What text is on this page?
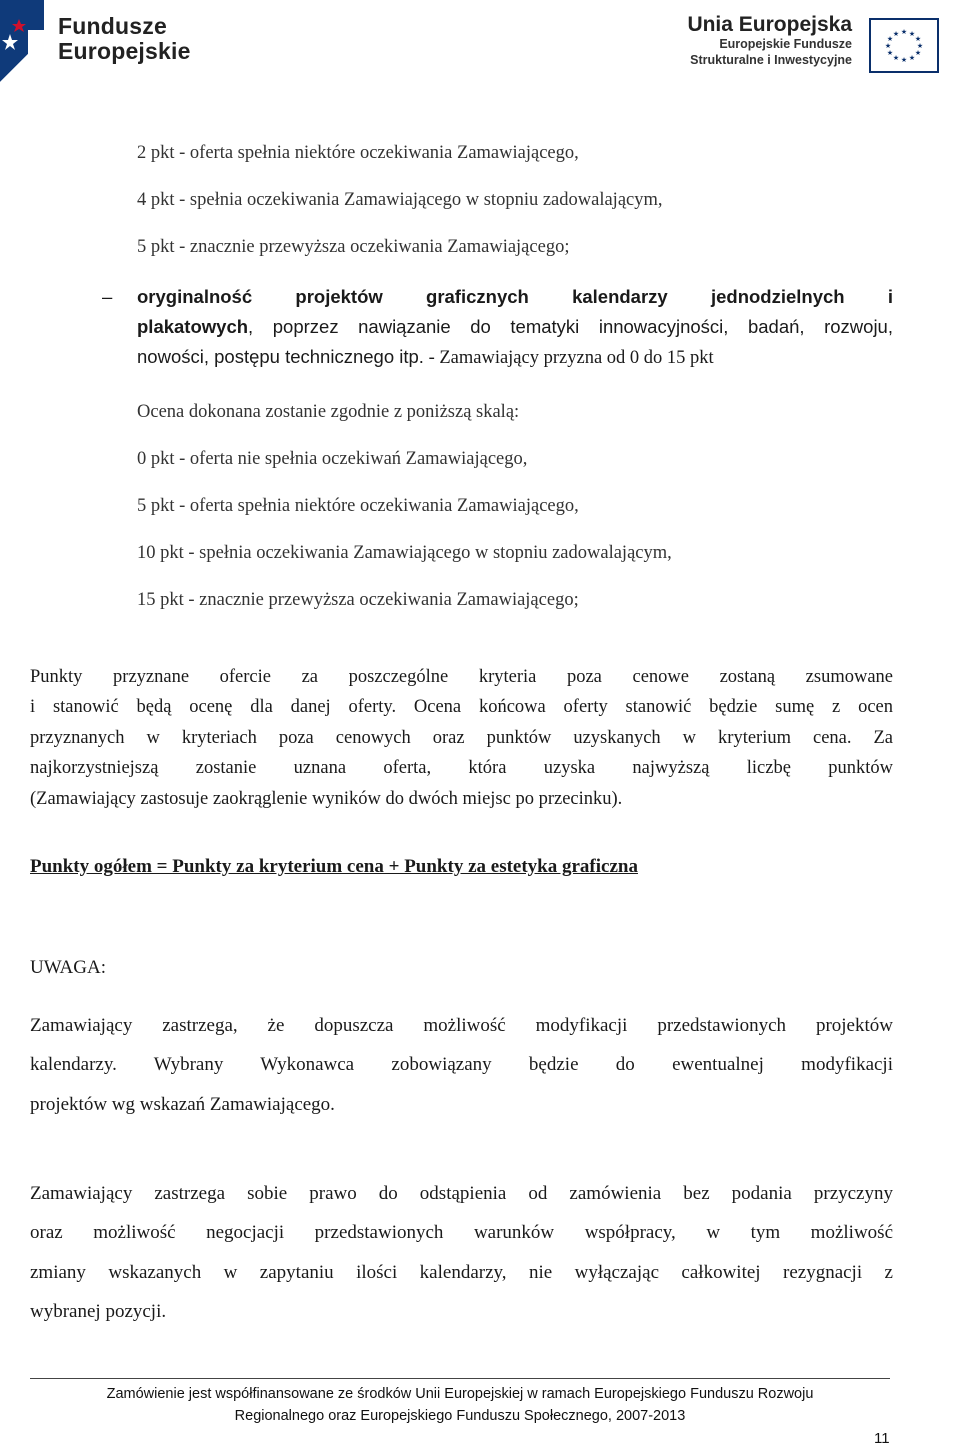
Fundusze
Europejskie
Unia Europejska
Europejskie Fundusze
Strukturalne i Inwestycyjne
★ ★
★
★
★
★
★
★
★
★
★
★
2 pkt - oferta spełnia niektóre oczekiwania Zamawiającego,
4 pkt - spełnia oczekiwania Zamawiającego w stopniu zadowalającym,
5 pkt - znacznie przewyższa oczekiwania Zamawiającego;
– oryginalność projektów graficznych kalendarzy jednodzielnych i
plakatowych, poprzez nawiązanie do tematyki innowacyjności, badań, rozwoju,
nowości, postępu technicznego itp. - Zamawiający przyzna od 0 do 15 pkt
Ocena dokonana zostanie zgodnie z poniższą skalą:
0 pkt - oferta nie spełnia oczekiwań Zamawiającego,
5 pkt - oferta spełnia niektóre oczekiwania Zamawiającego,
10 pkt - spełnia oczekiwania Zamawiającego w stopniu zadowalającym,
15 pkt - znacznie przewyższa oczekiwania Zamawiającego;
Punkty przyznane ofercie za poszczególne kryteria poza cenowe zostaną zsumowane
i stanowić będą ocenę dla danej oferty. Ocena końcowa oferty stanowić będzie sumę z ocen
przyznanych w kryteriach poza cenowych oraz punktów uzyskanych w kryterium cena. Za
najkorzystniejszą zostanie uznana oferta, która uzyska najwyższą liczbę punktów
(Zamawiający zastosuje zaokrąglenie wyników do dwóch miejsc po przecinku).
Punkty ogółem = Punkty za kryterium cena + Punkty za estetyka graficzna
UWAGA:
Zamawiający zastrzega, że dopuszcza możliwość modyfikacji przedstawionych projektów
kalendarzy. Wybrany Wykonawca zobowiązany będzie do ewentualnej modyfikacji
projektów wg wskazań Zamawiającego.
Zamawiający zastrzega sobie prawo do odstąpienia od zamówienia bez podania przyczyny
oraz możliwość negocjacji przedstawionych warunków współpracy, w tym możliwość
zmiany wskazanych w zapytaniu ilości kalendarzy, nie wyłączając całkowitej rezygnacji z
wybranej pozycji.
Zamówienie jest współfinansowane ze środków Unii Europejskiej w ramach Europejskiego Funduszu Rozwoju
Regionalnego oraz Europejskiego Funduszu Społecznego, 2007-2013
11
